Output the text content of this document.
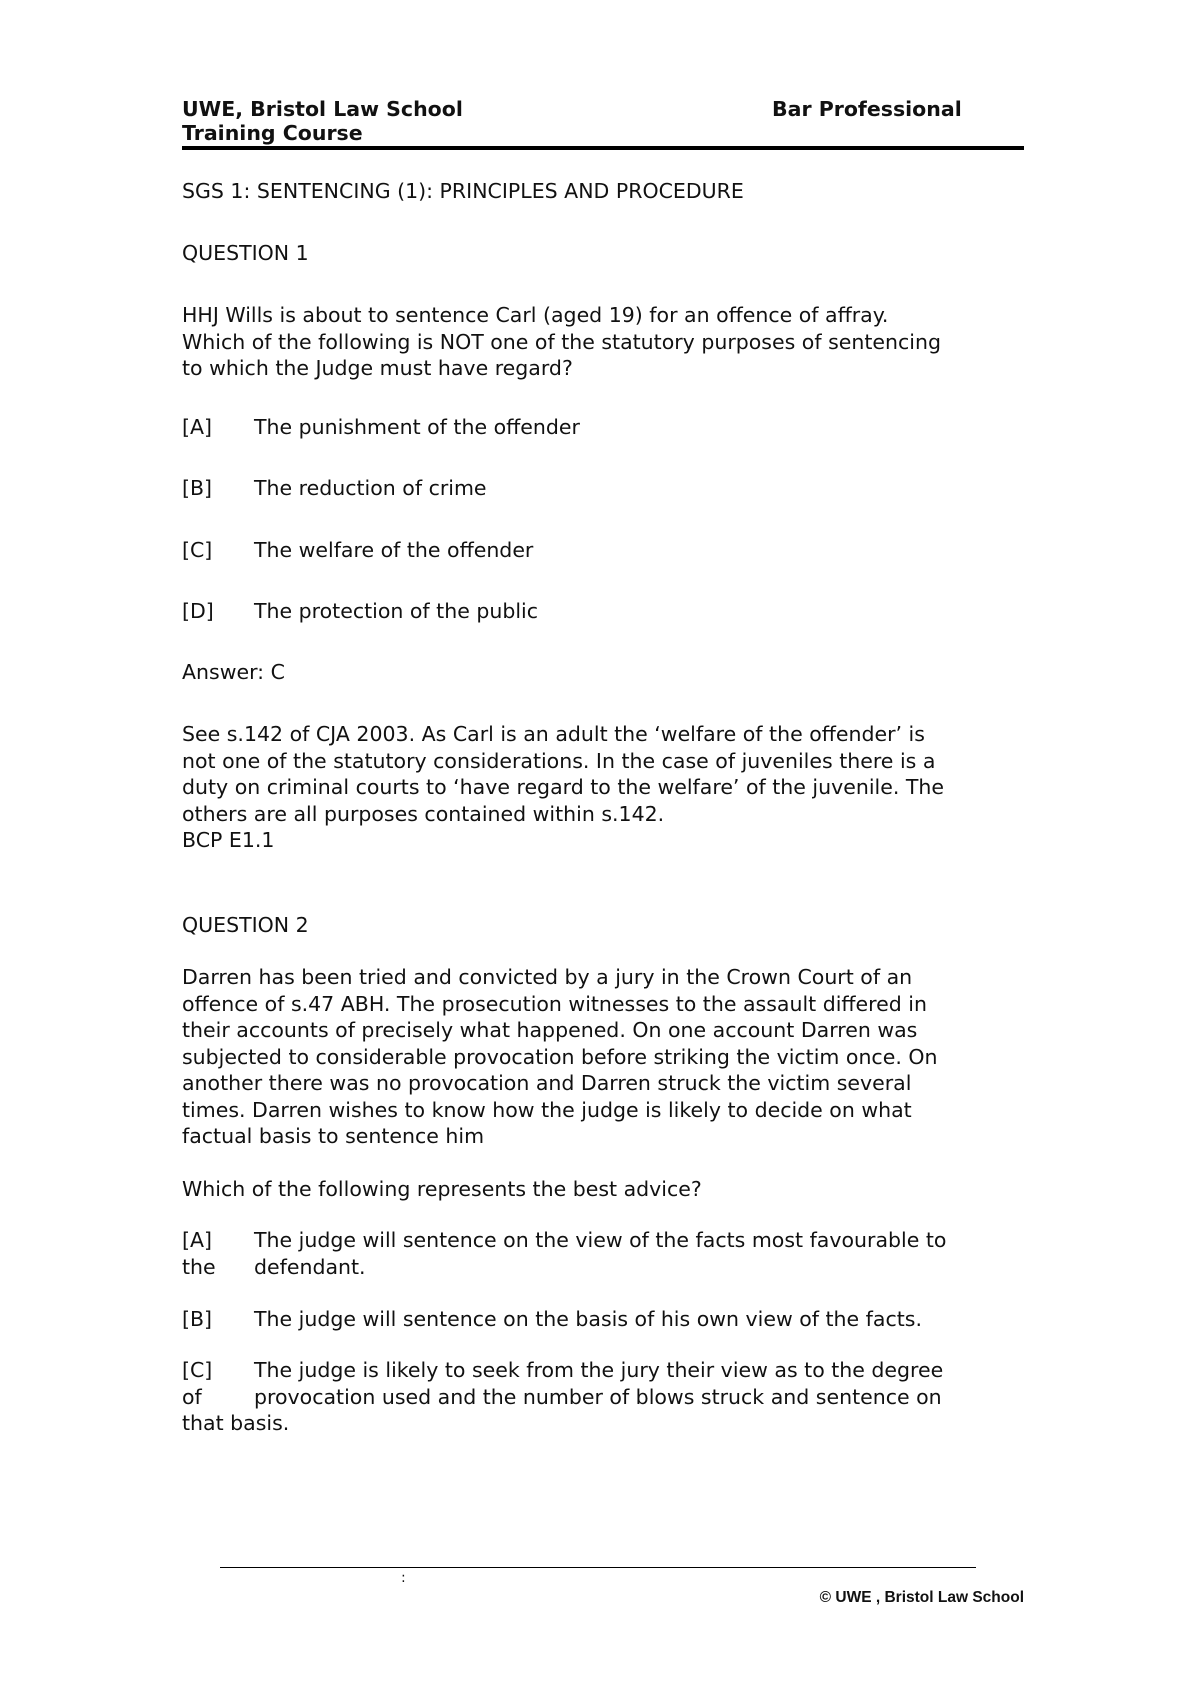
UWE, Bristol Law School	Bar Professional
Training Course
SGS 1: SENTENCING (1): PRINCIPLES AND PROCEDURE
QUESTION 1
HHJ Wills is about to sentence Carl (aged 19) for an offence of affray.
Which of the following is NOT one of the statutory purposes of sentencing
to which the Judge must have regard?
[A] The punishment of the offender
[B] The reduction of crime
[C] The welfare of the offender
[D] The protection of the public
Answer: C
See s.142 of CJA 2003. As Carl is an adult the ‘welfare of the offender’ is
not one of the statutory considerations. In the case of juveniles there is a
duty on criminal courts to ‘have regard to the welfare’ of the juvenile. The
others are all purposes contained within s.142.
BCP E1.1
QUESTION 2
Darren has been tried and convicted by a jury in the Crown Court of an
offence of s.47 ABH. The prosecution witnesses to the assault differed in
their accounts of precisely what happened. On one account Darren was
subjected to considerable provocation before striking the victim once. On
another there was no provocation and Darren struck the victim several
times. Darren wishes to know how the judge is likely to decide on what
factual basis to sentence him
Which of the following represents the best advice?
[A] The judge will sentence on the view of the facts most favourable to
the defendant.
[B] The judge will sentence on the basis of his own view of the facts.
[C] The judge is likely to seek from the jury their view as to the degree
of	provocation used and the number of blows struck and sentence on
that basis.
:
© UWE , Bristol Law School
